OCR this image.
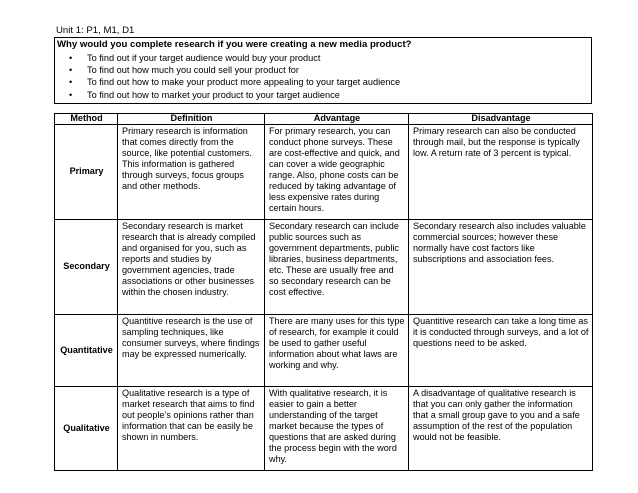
Unit 1: P1, M1, D1
Why would you complete research if you were creating a new media product?
• To find out if your target audience would buy your product
• To find out how much you could sell your product for
• To find out how to make your product more appealing to your target audience
• To find out how to market your product to your target audience
Method	Definition	Advantage	Disadvantage
Primary	Primary research is information that comes directly from the source, like potential customers. This information is gathered through surveys, focus groups and other methods.	For primary research, you can conduct phone surveys. These are cost-effective and quick, and can cover a wide geographic range. Also, phone costs can be reduced by taking advantage of less expensive rates during certain hours.	Primary research can also be conducted through mail, but the response is typically low. A return rate of 3 percent is typical.
Secondary	Secondary research is market research that is already compiled and organised for you, such as reports and studies by government agencies, trade associations or other businesses within the chosen industry.	Secondary research can include public sources such as government departments, public libraries, business departments, etc. These are usually free and so secondary research can be cost effective.	Secondary research also includes valuable commercial sources; however these normally have cost factors like subscriptions and association fees.
Quantitative	Quantitive research is the use of sampling techniques, like consumer surveys, where findings may be expressed numerically.	There are many uses for this type of research, for example it could be used to gather useful information about what laws are working and why.	Quantitive research can take a long time as it is conducted through surveys, and a lot of questions need to be asked.
Qualitative	Qualitative research is a type of market research that aims to find out people’s opinions rather than information that can be easily be shown in numbers.	With qualitative research, it is easier to gain a better understanding of the target market because the types of questions that are asked during the process begin with the word why.	A disadvantage of qualitative research is that you can only gather the information that a small group gave to you and a safe assumption of the rest of the population would not be feasible.
